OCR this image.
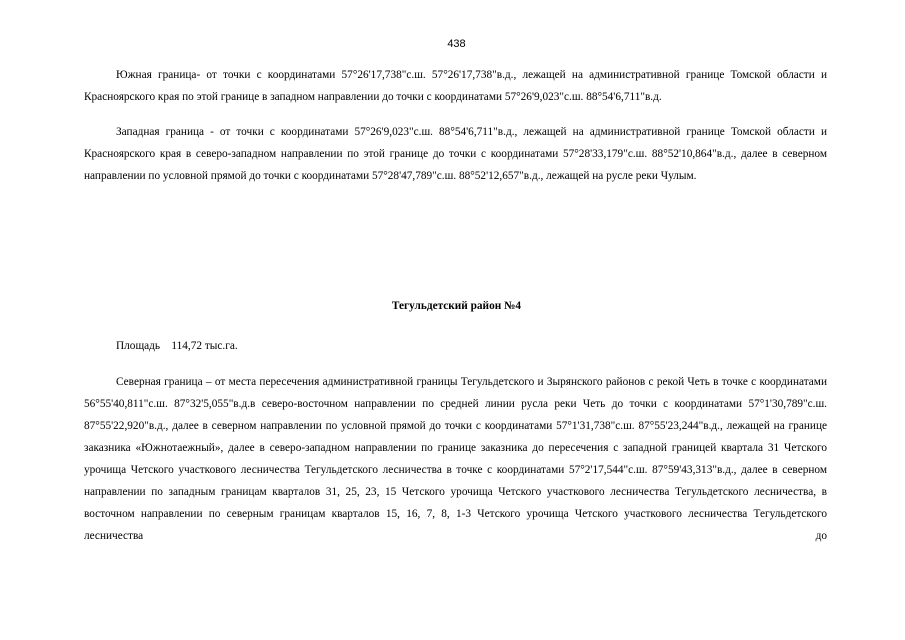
438

Южная граница- от точки с координатами 57°26'17,738"с.ш. 57°26'17,738"в.д., лежащей на административной границе Томской области и Красноярского края по этой границе в западном направлении до точки с координатами 57°26'9,023"с.ш. 88°54'6,711"в.д.

Западная граница - от точки с координатами 57°26'9,023"с.ш. 88°54'6,711"в.д., лежащей на административной границе Томской области и Красноярского края в северо-западном направлении по этой границе до точки с координатами 57°28'33,179"с.ш. 88°52'10,864"в.д., далее в северном направлении по условной прямой до точки с координатами 57°28'47,789"с.ш. 88°52'12,657"в.д., лежащей на русле реки Чулым.

Тегульдетский район №4
Площадь 114,72 тыс.га.

Северная граница – от места пересечения административной границы Тегульдетского и Зырянского районов с рекой Четь в точке с координатами 56°55'40,811"с.ш. 87°32'5,055"в.д.в северо-восточном направлении по средней линии русла реки Четь до точки с координатами 57°1'30,789"с.ш. 87°55'22,920"в.д., далее в северном направлении по условной прямой до точки с координатами 57°1'31,738"с.ш. 87°55'23,244"в.д., лежащей на границе заказника «Южнотаежный», далее в северо-западном направлении по границе заказника до пересечения с западной границей квартала 31 Четского урочища Четского участкового лесничества Тегульдетского лесничества в точке с координатами 57°2'17,544"с.ш. 87°59'43,313"в.д., далее в северном направлении по западным границам кварталов 31, 25, 23, 15 Четского урочища Четского участкового лесничества Тегульдетского лесничества, в восточном направлении по северным границам кварталов 15, 16, 7, 8, 1-3 Четского урочища Четского участкового лесничества Тегульдетского лесничества до
